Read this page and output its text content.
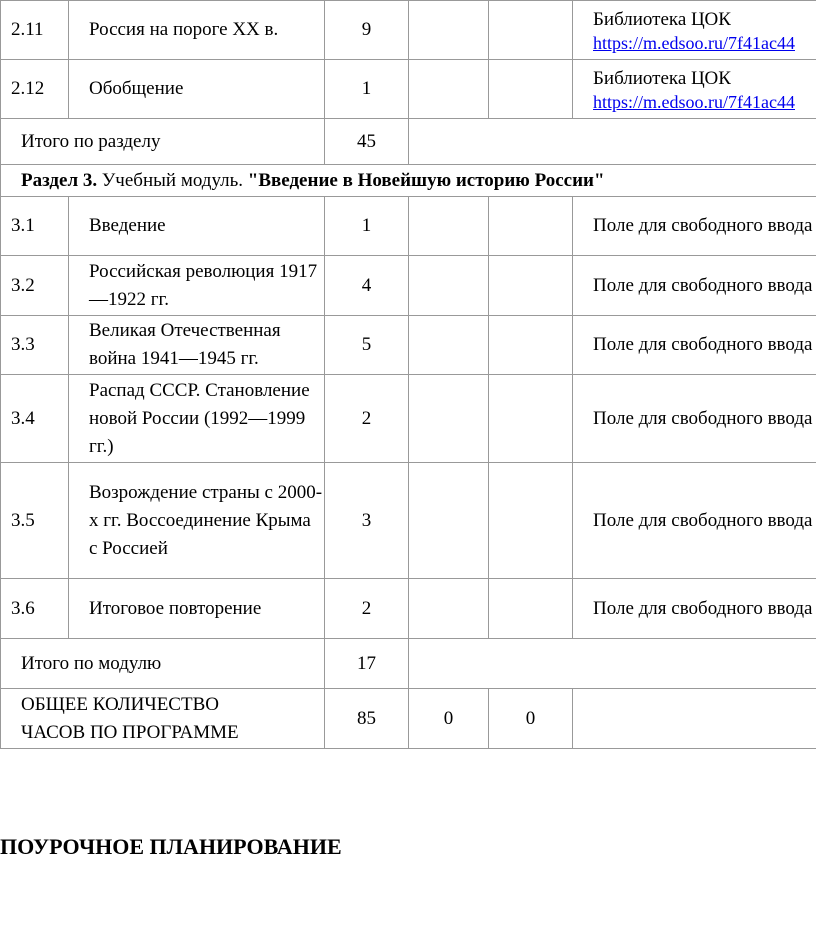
2.11	Россия на пороге XX в.	9			Библиотека ЦОК
https://m.edsoo.ru/7f41ac44

2.12	Обобщение	1			Библиотека ЦОК
https://m.edsoo.ru/7f41ac44

Итого по разделу		45			
Раздел 3. Учебный модуль. "Введение в Новейшую историю России"					
3.1	Введение	1			Поле для свободного ввода
3.2	Российская революция 1917—1922 гг.	4			Поле для свободного ввода
3.3	Великая Отечественная война 1941—1945 гг.	5			Поле для свободного ввода
3.4	Распад СССР. Становление новой России (1992—1999 гг.)	2			Поле для свободного ввода
3.5	Возрождение страны с 2000-х гг. Воссоединение Крыма с Россией	3			Поле для свободного ввода
3.6	Итоговое повторение	2			Поле для свободного ввода
Итого по модулю		17			
ОБЩЕЕ КОЛИЧЕСТВО ЧАСОВ ПО ПРОГРАММЕ		85	0	0	
ПОУРОЧНОЕ ПЛАНИРОВАНИЕ
